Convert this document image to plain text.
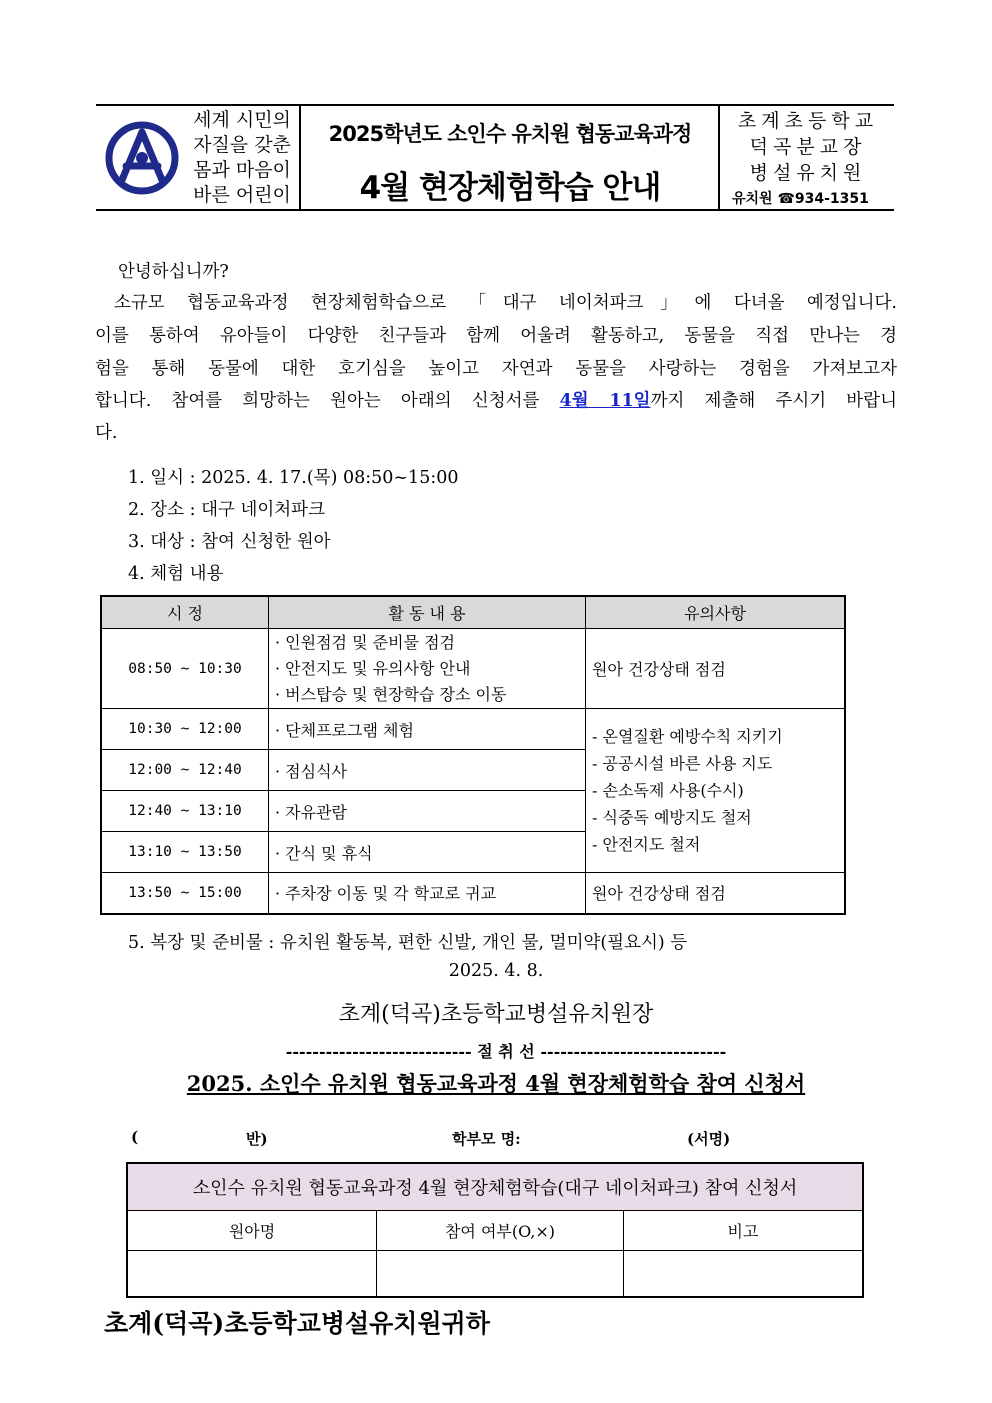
세계 시민의
자질을 갖춘
몸과 마음이
바른 어린이
2025학년도 소인수 유치원 협동교육과정
4월 현장체험학습 안내
초계초등학교
덕곡분교장
병설유치원
유치원 ☎934-1351
안녕하십니까?
소규모 협동교육과정 현장체험학습으로 「대구 네이처파크」에 다녀올 예정입니다.
이를 통하여 유아들이 다양한 친구들과 함께 어울려 활동하고, 동물을 직접 만나는 경
험을 통해 동물에 대한 호기심을 높이고 자연과 동물을 사랑하는 경험을 가져보고자
합니다. 참여를 희망하는 원아는 아래의 신청서를 4월 11일까지 제출해 주시기 바랍니
다.
1. 일시 : 2025. 4. 17.(목) 08:50~15:00
2. 장소 : 대구 네이처파크
3. 대상 : 참여 신청한 원아
4. 체험 내용
시 정	활 동 내 용	유의사항
08:50 ~ 10:30	· 인원점검 및 준비물 점검
· 안전지도 및 유의사항 안내
· 버스탑승 및 현장학습 장소 이동	원아 건강상태 점검
10:30 ~ 12:00	· 단체프로그램 체험	- 온열질환 예방수칙 지키기
- 공공시설 바른 사용 지도
- 손소독제 사용(수시)
- 식중독 예방지도 철저
- 안전지도 철저

12:00 ~ 12:40	· 점심식사	
12:40 ~ 13:10	· 자유관람	
13:10 ~ 13:50	· 간식 및 휴식	
13:50 ~ 15:00	· 주차장 이동 및 각 학교로 귀교	원아 건강상태 점검
5. 복장 및 준비물 : 유치원 활동복, 편한 신발, 개인 물, 멀미약(필요시) 등
2025. 4. 8.
초계(덕곡)초등학교병설유치원장
---------------------------- 절 취 선 ----------------------------
2025. 소인수 유치원 협동교육과정 4월 현장체험학습 참여 신청서
(	반)	학부모 명:	(서명)
소인수 유치원 협동교육과정 4월 현장체험학습(대구 네이처파크) 참여 신청서		
원아명	참여 여부(O,×)	비고

초계(덕곡)초등학교병설유치원귀하
